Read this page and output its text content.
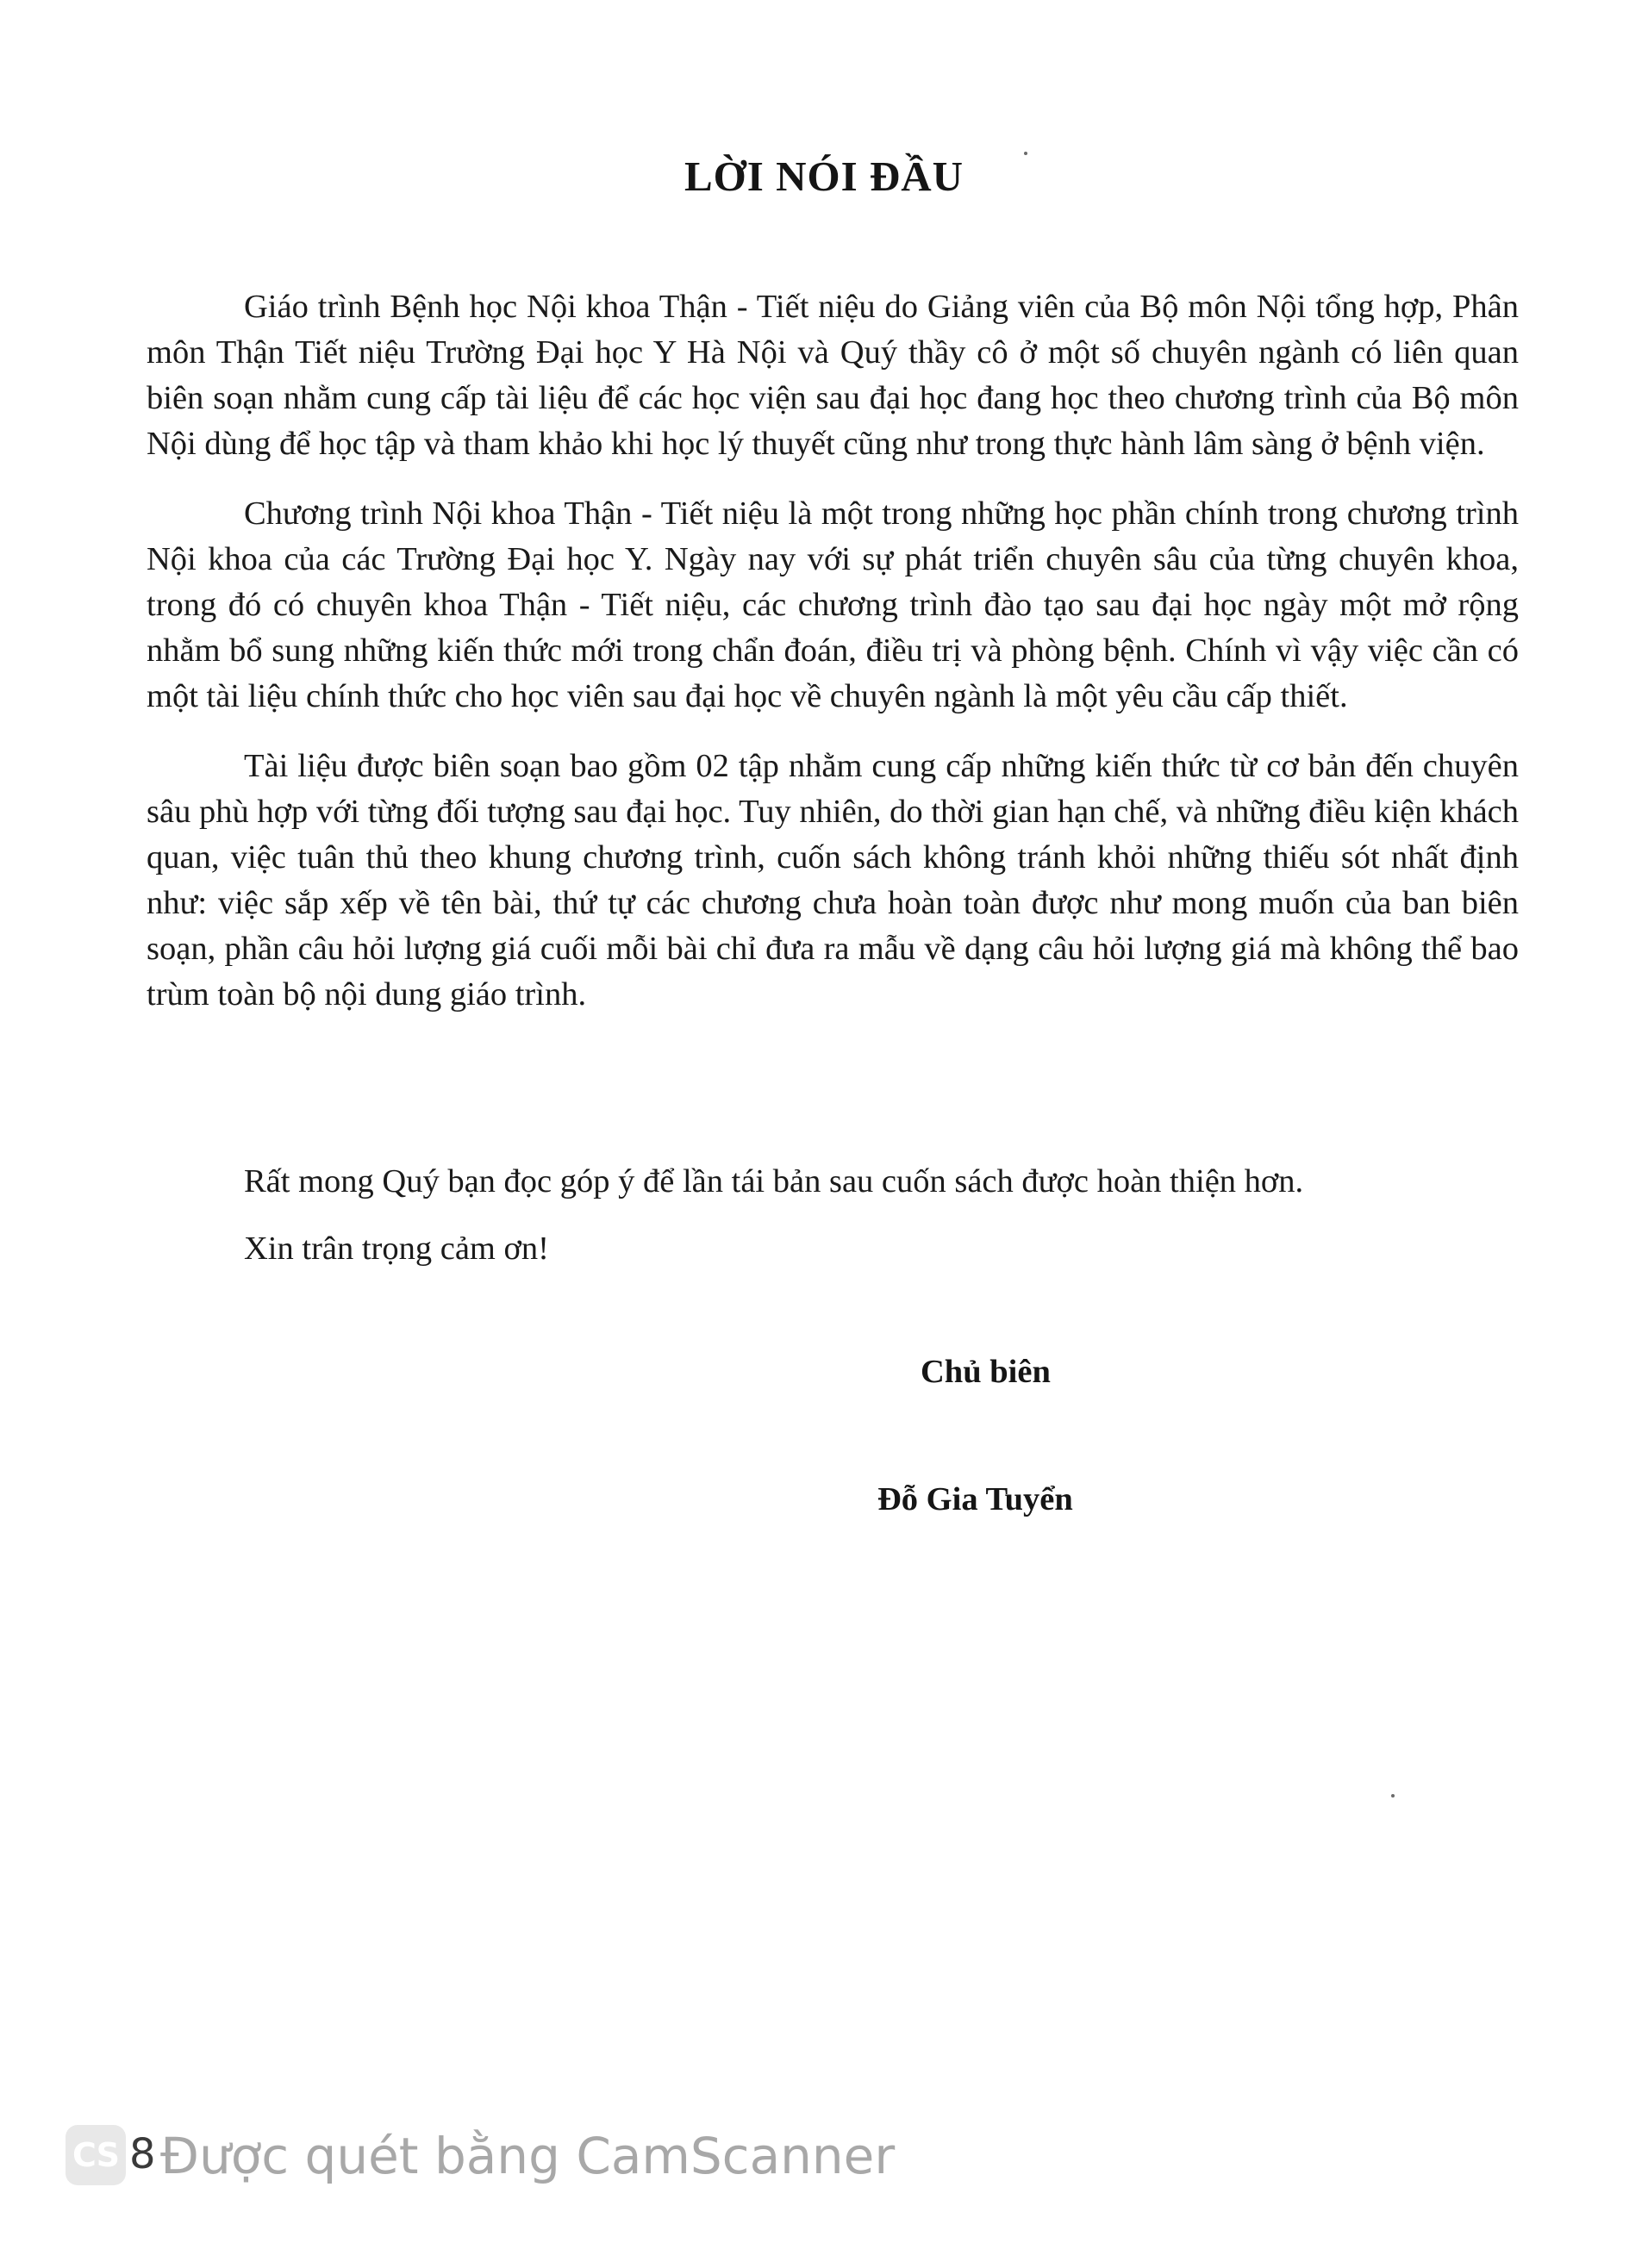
LỜI NÓI ĐẦU

Giáo trình Bệnh học Nội khoa Thận - Tiết niệu do Giảng viên của Bộ môn Nội tổng hợp, Phân môn Thận Tiết niệu Trường Đại học Y Hà Nội và Quý thầy cô ở một số chuyên ngành có liên quan biên soạn nhằm cung cấp tài liệu để các học viện sau đại học đang học theo chương trình của Bộ môn Nội dùng để học tập và tham khảo khi học lý thuyết cũng như trong thực hành lâm sàng ở bệnh viện.

Chương trình Nội khoa Thận - Tiết niệu là một trong những học phần chính trong chương trình Nội khoa của các Trường Đại học Y. Ngày nay với sự phát triển chuyên sâu của từng chuyên khoa, trong đó có chuyên khoa Thận - Tiết niệu, các chương trình đào tạo sau đại học ngày một mở rộng nhằm bổ sung những kiến thức mới trong chẩn đoán, điều trị và phòng bệnh. Chính vì vậy việc cần có một tài liệu chính thức cho học viên sau đại học về chuyên ngành là một yêu cầu cấp thiết.

Tài liệu được biên soạn bao gồm 02 tập nhằm cung cấp những kiến thức từ cơ bản đến chuyên sâu phù hợp với từng đối tượng sau đại học. Tuy nhiên, do thời gian hạn chế, và những điều kiện khách quan, việc tuân thủ theo khung chương trình, cuốn sách không tránh khỏi những thiếu sót nhất định như: việc sắp xếp về tên bài, thứ tự các chương chưa hoàn toàn được như mong muốn của ban biên soạn, phần câu hỏi lượng giá cuối mỗi bài chỉ đưa ra mẫu về dạng câu hỏi lượng giá mà không thể bao trùm toàn bộ nội dung giáo trình.

Rất mong Quý bạn đọc góp ý để lần tái bản sau cuốn sách được hoàn thiện hơn.
Xin trân trọng cảm ơn!
Chủ biên
Đỗ Gia Tuyển
CS 8 Được quét bằng CamScanner
